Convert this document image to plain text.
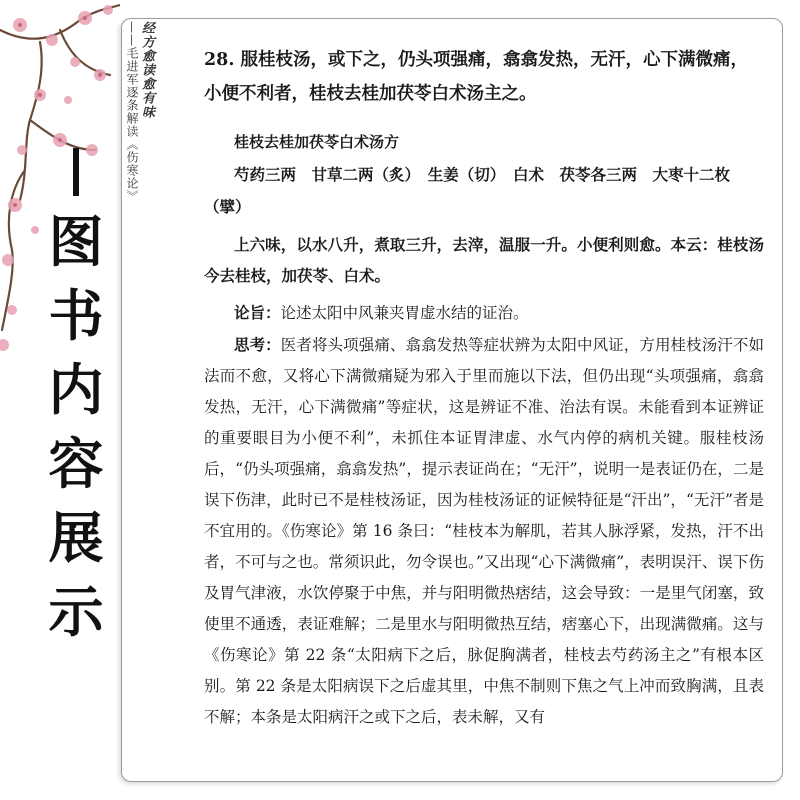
图
书
内
容
展
示
经方愈读愈有味
——毛进军逐条解读《伤寒论》	28. 服桂枝汤，或下之，仍头项强痛，翕翕发热，无汗，心下满微痛，小便不利者，桂枝去桂加茯苓白术汤主之。

桂枝去桂加茯苓白术汤方

芍药三两　甘草二两（炙）　生姜（切）　白术　茯苓各三两　大枣十二枚（擘）

上六味，以水八升，煮取三升，去滓，温服一升。小便利则愈。本云：桂枝汤今去桂枝，加茯苓、白术。

论旨：论述太阳中风兼夹胃虚水结的证治。

思考：医者将头项强痛、翕翕发热等症状辨为太阳中风证，方用桂枝汤汗不如法而不愈，又将心下满微痛疑为邪入于里而施以下法，但仍出现“头项强痛，翕翕发热，无汗，心下满微痛”等症状，这是辨证不准、治法有误。未能看到本证辨证的重要眼目为小便不利”，未抓住本证胃津虚、水气内停的病机关键。服桂枝汤后，“仍头项强痛，翕翕发热”，提示表证尚在；“无汗”，说明一是表证仍在，二是误下伤津，此时已不是桂枝汤证，因为桂枝汤证的证候特征是“汗出”，“无汗”者是不宜用的。《伤寒论》第 16 条曰：“桂枝本为解肌，若其人脉浮紧，发热，汗不出者，不可与之也。常须识此，勿令误也。”又出现“心下满微痛”，表明误汗、误下伤及胃气津液，水饮停聚于中焦，并与阳明微热痞结，这会导致：一是里气闭塞，致使里不通透，表证难解；二是里水与阳明微热互结，痞塞心下，出现满微痛。这与《伤寒论》第 22 条“太阳病下之后，脉促胸满者，桂枝去芍药汤主之”有根本区别。第 22 条是太阳病误下之后虚其里，中焦不制则下焦之气上冲而致胸满，且表不解；本条是太阳病汗之或下之后，表未解，又有
